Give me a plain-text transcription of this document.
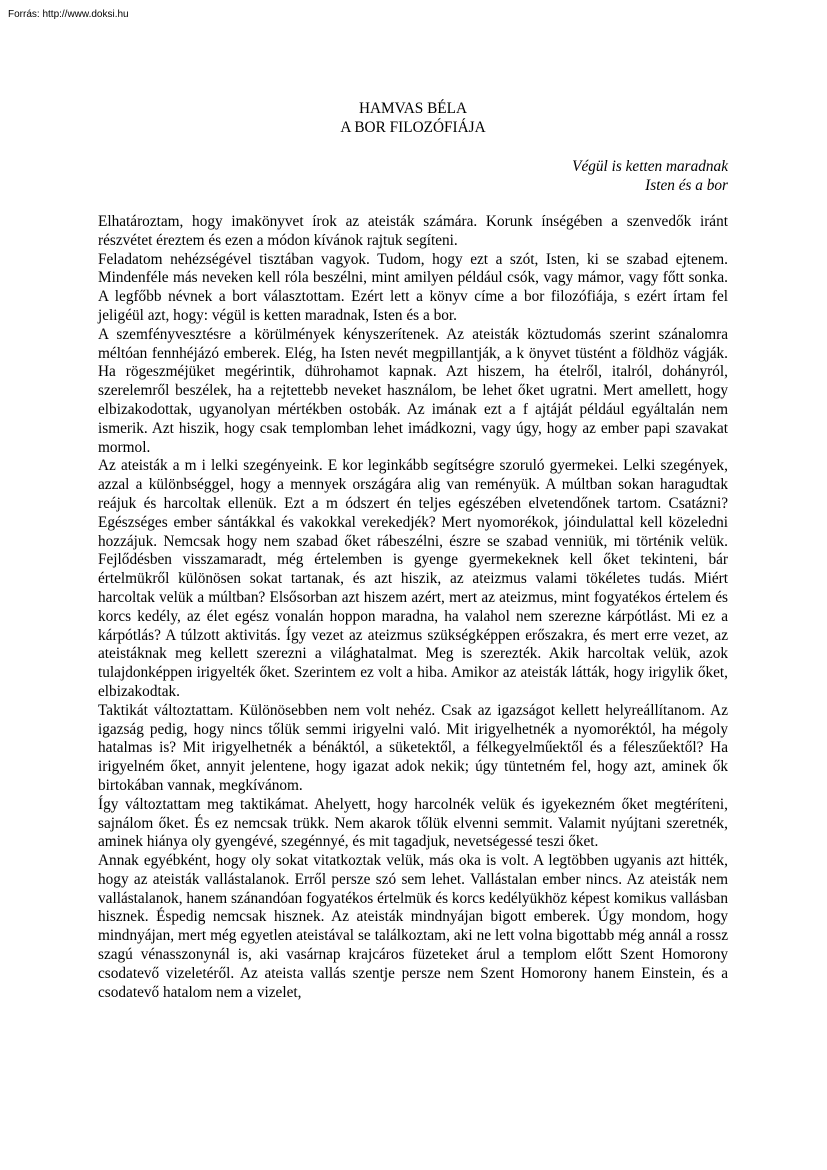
Forrás: http://www.doksi.hu
HAMVAS BÉLA
A BOR FILOZÓFIÁJA
Végül is ketten maradnak
Isten és a bor

Elhatároztam, hogy imakönyvet írok az ateisták számára. Korunk ínségében a szenvedők iránt részvétet éreztem és ezen a módon kívánok rajtuk segíteni.

Feladatom nehézségével tisztában vagyok. Tudom, hogy ezt a szót, Isten, ki se szabad ejtenem. Mindenféle más neveken kell róla beszélni, mint amilyen például csók, vagy mámor, vagy főtt sonka. A legfőbb névnek a bort választottam. Ezért lett a könyv címe a bor filozófiája, s ezért írtam fel jeligéül azt, hogy: végül is ketten maradnak, Isten és a bor.

A szemfényvesztésre a körülmények kényszerítenek. Az ateisták köztudomás szerint szánalomra méltóan fennhéjázó emberek. Elég, ha Isten nevét megpillantják, a k önyvet tüstént a földhöz vágják. Ha rögeszméjüket megérintik, dührohamot kapnak. Azt hiszem, ha ételről, italról, dohányról, szerelemről beszélek, ha a rejtettebb neveket használom, be lehet őket ugratni. Mert amellett, hogy elbizakodottak, ugyanolyan mértékben ostobák. Az imának ezt a f ajtáját például egyáltalán nem ismerik. Azt hiszik, hogy csak templomban lehet imádkozni, vagy úgy, hogy az ember papi szavakat mormol.

Az ateisták a m i lelki szegényeink. E kor leginkább segítségre szoruló gyermekei. Lelki szegények, azzal a különbséggel, hogy a mennyek országára alig van reményük. A múltban sokan haragudtak reájuk és harcoltak ellenük. Ezt a m ódszert én teljes egészében elvetendőnek tartom. Csatázni? Egészséges ember sántákkal és vakokkal verekedjék? Mert nyomorékok, jóindulattal kell közeledni hozzájuk. Nemcsak hogy nem szabad őket rábeszélni, észre se szabad venniük, mi történik velük. Fejlődésben visszamaradt, még értelemben is gyenge gyermekeknek kell őket tekinteni, bár értelmükről különösen sokat tartanak, és azt hiszik, az ateizmus valami tökéletes tudás. Miért harcoltak velük a múltban? Elsősorban azt hiszem azért, mert az ateizmus, mint fogyatékos értelem és korcs kedély, az élet egész vonalán hoppon maradna, ha valahol nem szerezne kárpótlást. Mi ez a kárpótlás? A túlzott aktivitás. Így vezet az ateizmus szükségképpen erőszakra, és mert erre vezet, az ateistáknak meg kellett szerezni a világhatalmat. Meg is szerezték. Akik harcoltak velük, azok tulajdonképpen irigyelték őket. Szerintem ez volt a hiba. Amikor az ateisták látták, hogy irigylik őket, elbizakodtak.

Taktikát változtattam. Különösebben nem volt nehéz. Csak az igazságot kellett helyreállítanom. Az igazság pedig, hogy nincs tőlük semmi irigyelni való. Mit irigyelhetnék a nyomoréktól, ha mégoly hatalmas is? Mit irigyelhetnék a bénáktól, a süketektől, a félkegyelműektől és a féleszűektől? Ha irigyelném őket, annyit jelentene, hogy igazat adok nekik; úgy tüntetném fel, hogy azt, aminek ők birtokában vannak, megkívánom.

Így változtattam meg taktikámat. Ahelyett, hogy harcolnék velük és igyekezném őket megtéríteni, sajnálom őket. És ez nemcsak trükk. Nem akarok tőlük elvenni semmit. Valamit nyújtani szeretnék, aminek hiánya oly gyengévé, szegénnyé, és mit tagadjuk, nevetségessé teszi őket.

Annak egyébként, hogy oly sokat vitatkoztak velük, más oka is volt. A legtöbben ugyanis azt hitték, hogy az ateisták vallástalanok. Erről persze szó sem lehet. Vallástalan ember nincs. Az ateisták nem vallástalanok, hanem szánandóan fogyatékos értelmük és korcs kedélyükhöz képest komikus vallásban hisznek. Éspedig nemcsak hisznek. Az ateisták mindnyájan bigott emberek. Úgy mondom, hogy mindnyájan, mert még egyetlen ateistával se találkoztam, aki ne lett volna bigottabb még annál a rossz szagú vénasszonynál is, aki vasárnap krajcáros füzeteket árul a templom előtt Szent Homorony csodatevő vizeletéről. Az ateista vallás szentje persze nem Szent Homorony hanem Einstein, és a csodatevő hatalom nem a vizelet,
